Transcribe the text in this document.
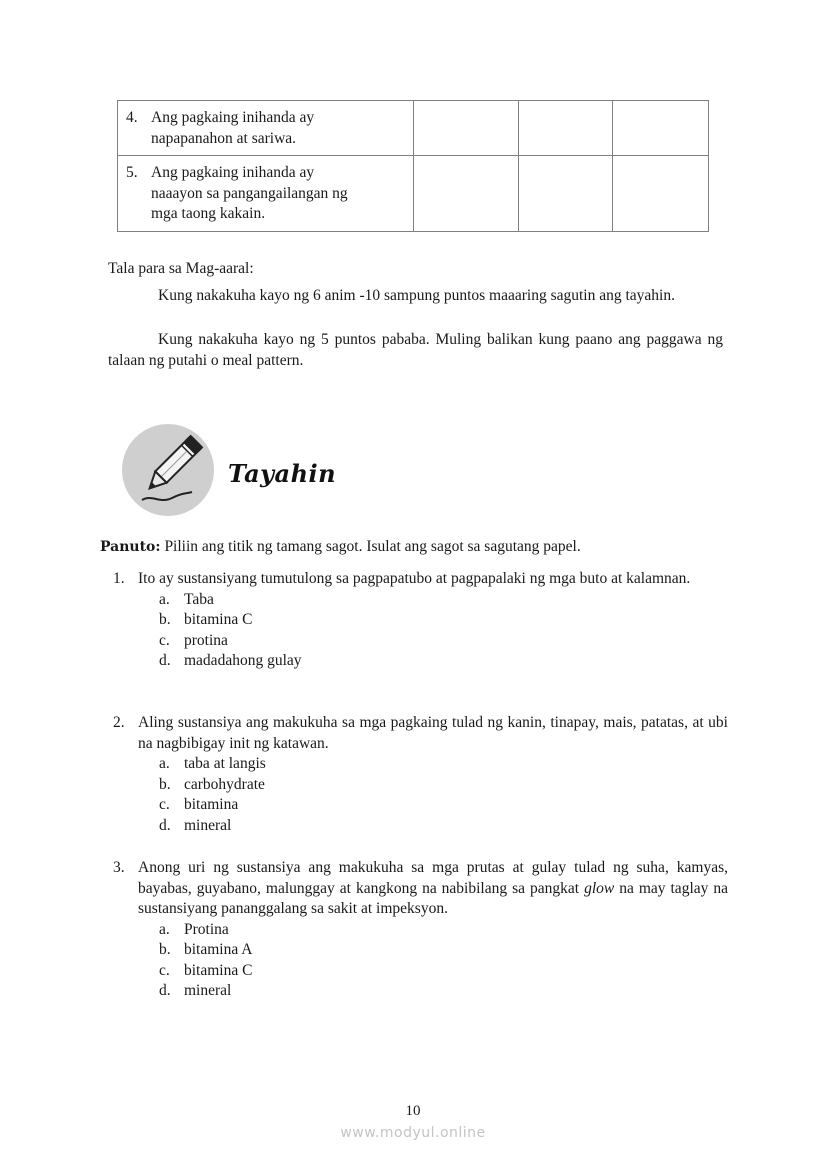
4. Ang pagkaing inihanda ay
napapanahon at sariwa.			

5. Ang pagkaing inihanda ay
naaayon sa pangangailangan ng
mga taong kakain.			

Tala para sa Mag-aaral:
Kung nakakuha kayo ng 6 anim -10 sampung puntos maaaring sagutin ang tayahin.
Kung nakakuha kayo ng 5 puntos pababa. Muling balikan kung paano ang paggawa ng talaan ng putahi o meal pattern.
Tayahin
Panuto: Piliin ang titik ng tamang sagot. Isulat ang sagot sa sagutang papel.
1. Ito ay sustansiyang tumutulong sa pagpapatubo at pagpapalaki ng mga buto at kalamnan.
a. Taba
b. bitamina C
c. protina
d. madadahong gulay
2. Aling sustansiya ang makukuha sa mga pagkaing tulad ng kanin, tinapay, mais, patatas, at ubi na nagbibigay init ng katawan.
a. taba at langis
b. carbohydrate
c. bitamina
d. mineral
3. Anong uri ng sustansiya ang makukuha sa mga prutas at gulay tulad ng suha, kamyas, bayabas, guyabano, malunggay at kangkong na nabibilang sa pangkat glow na may taglay na sustansiyang pananggalang sa sakit at impeksyon.
a. Protina
b. bitamina A
c. bitamina C
d. mineral
10
www.modyul.online
